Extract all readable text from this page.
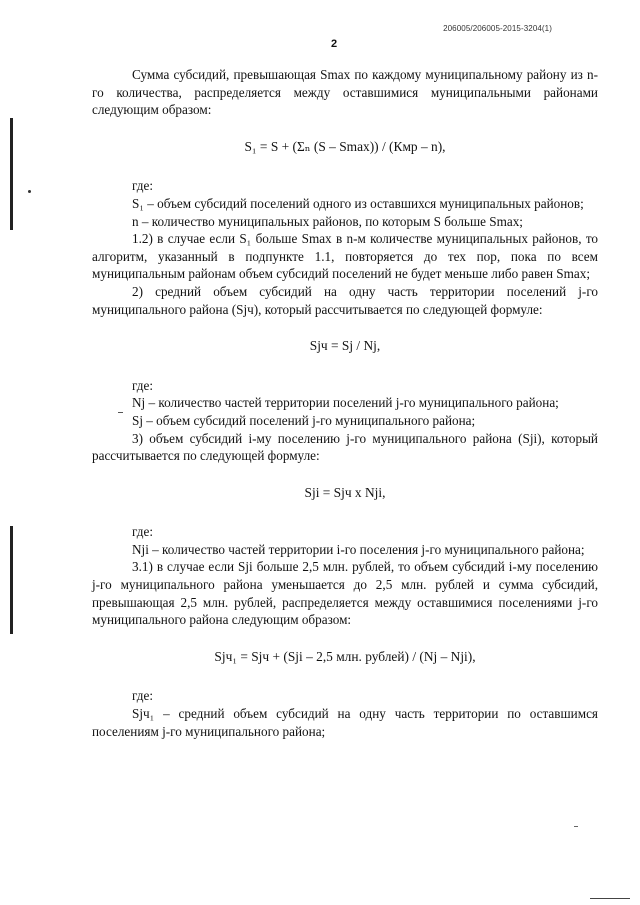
206005/206005-2015-3204(1)
2

Сумма субсидий, превышающая Smax по каждому муниципальному району из n-го количества, распределяется между оставшимися муниципальными районами следующим образом:

S₁ = S + (Σₙ (S – Smax)) / (Кмр – n),

где:

S₁ – объем субсидий поселений одного из оставшихся муниципальных районов;

n – количество муниципальных районов, по которым S больше Smax;

1.2) в случае если S₁ больше Smax в n-м количестве муниципальных районов, то алгоритм, указанный в подпункте 1.1, повторяется до тех пор, пока по всем муниципальным районам объем субсидий поселений не будет меньше либо равен Smax;

2) средний объем субсидий на одну часть территории поселений j-го муниципального района (Sjч), который рассчитывается по следующей формуле:

Sjч = Sj / Nj,

где:

Nj – количество частей территории поселений j-го муниципального района;

Sj – объем субсидий поселений j-го муниципального района;

3) объем субсидий i-му поселению j-го муниципального района (Sji), который рассчитывается по следующей формуле:

Sji = Sjч x Nji,

где:

Nji – количество частей территории i-го поселения j-го муниципального района;

3.1) в случае если Sji больше 2,5 млн. рублей, то объем субсидий i-му поселению j-го муниципального района уменьшается до 2,5 млн. рублей и сумма субсидий, превышающая 2,5 млн. рублей, распределяется между оставшимися поселениями j-го муниципального района следующим образом:

Sjч₁ = Sjч + (Sji – 2,5 млн. рублей) / (Nj – Nji),

где:

Sjч₁ – средний объем субсидий на одну часть территории по оставшимся поселениям j-го муниципального района;
